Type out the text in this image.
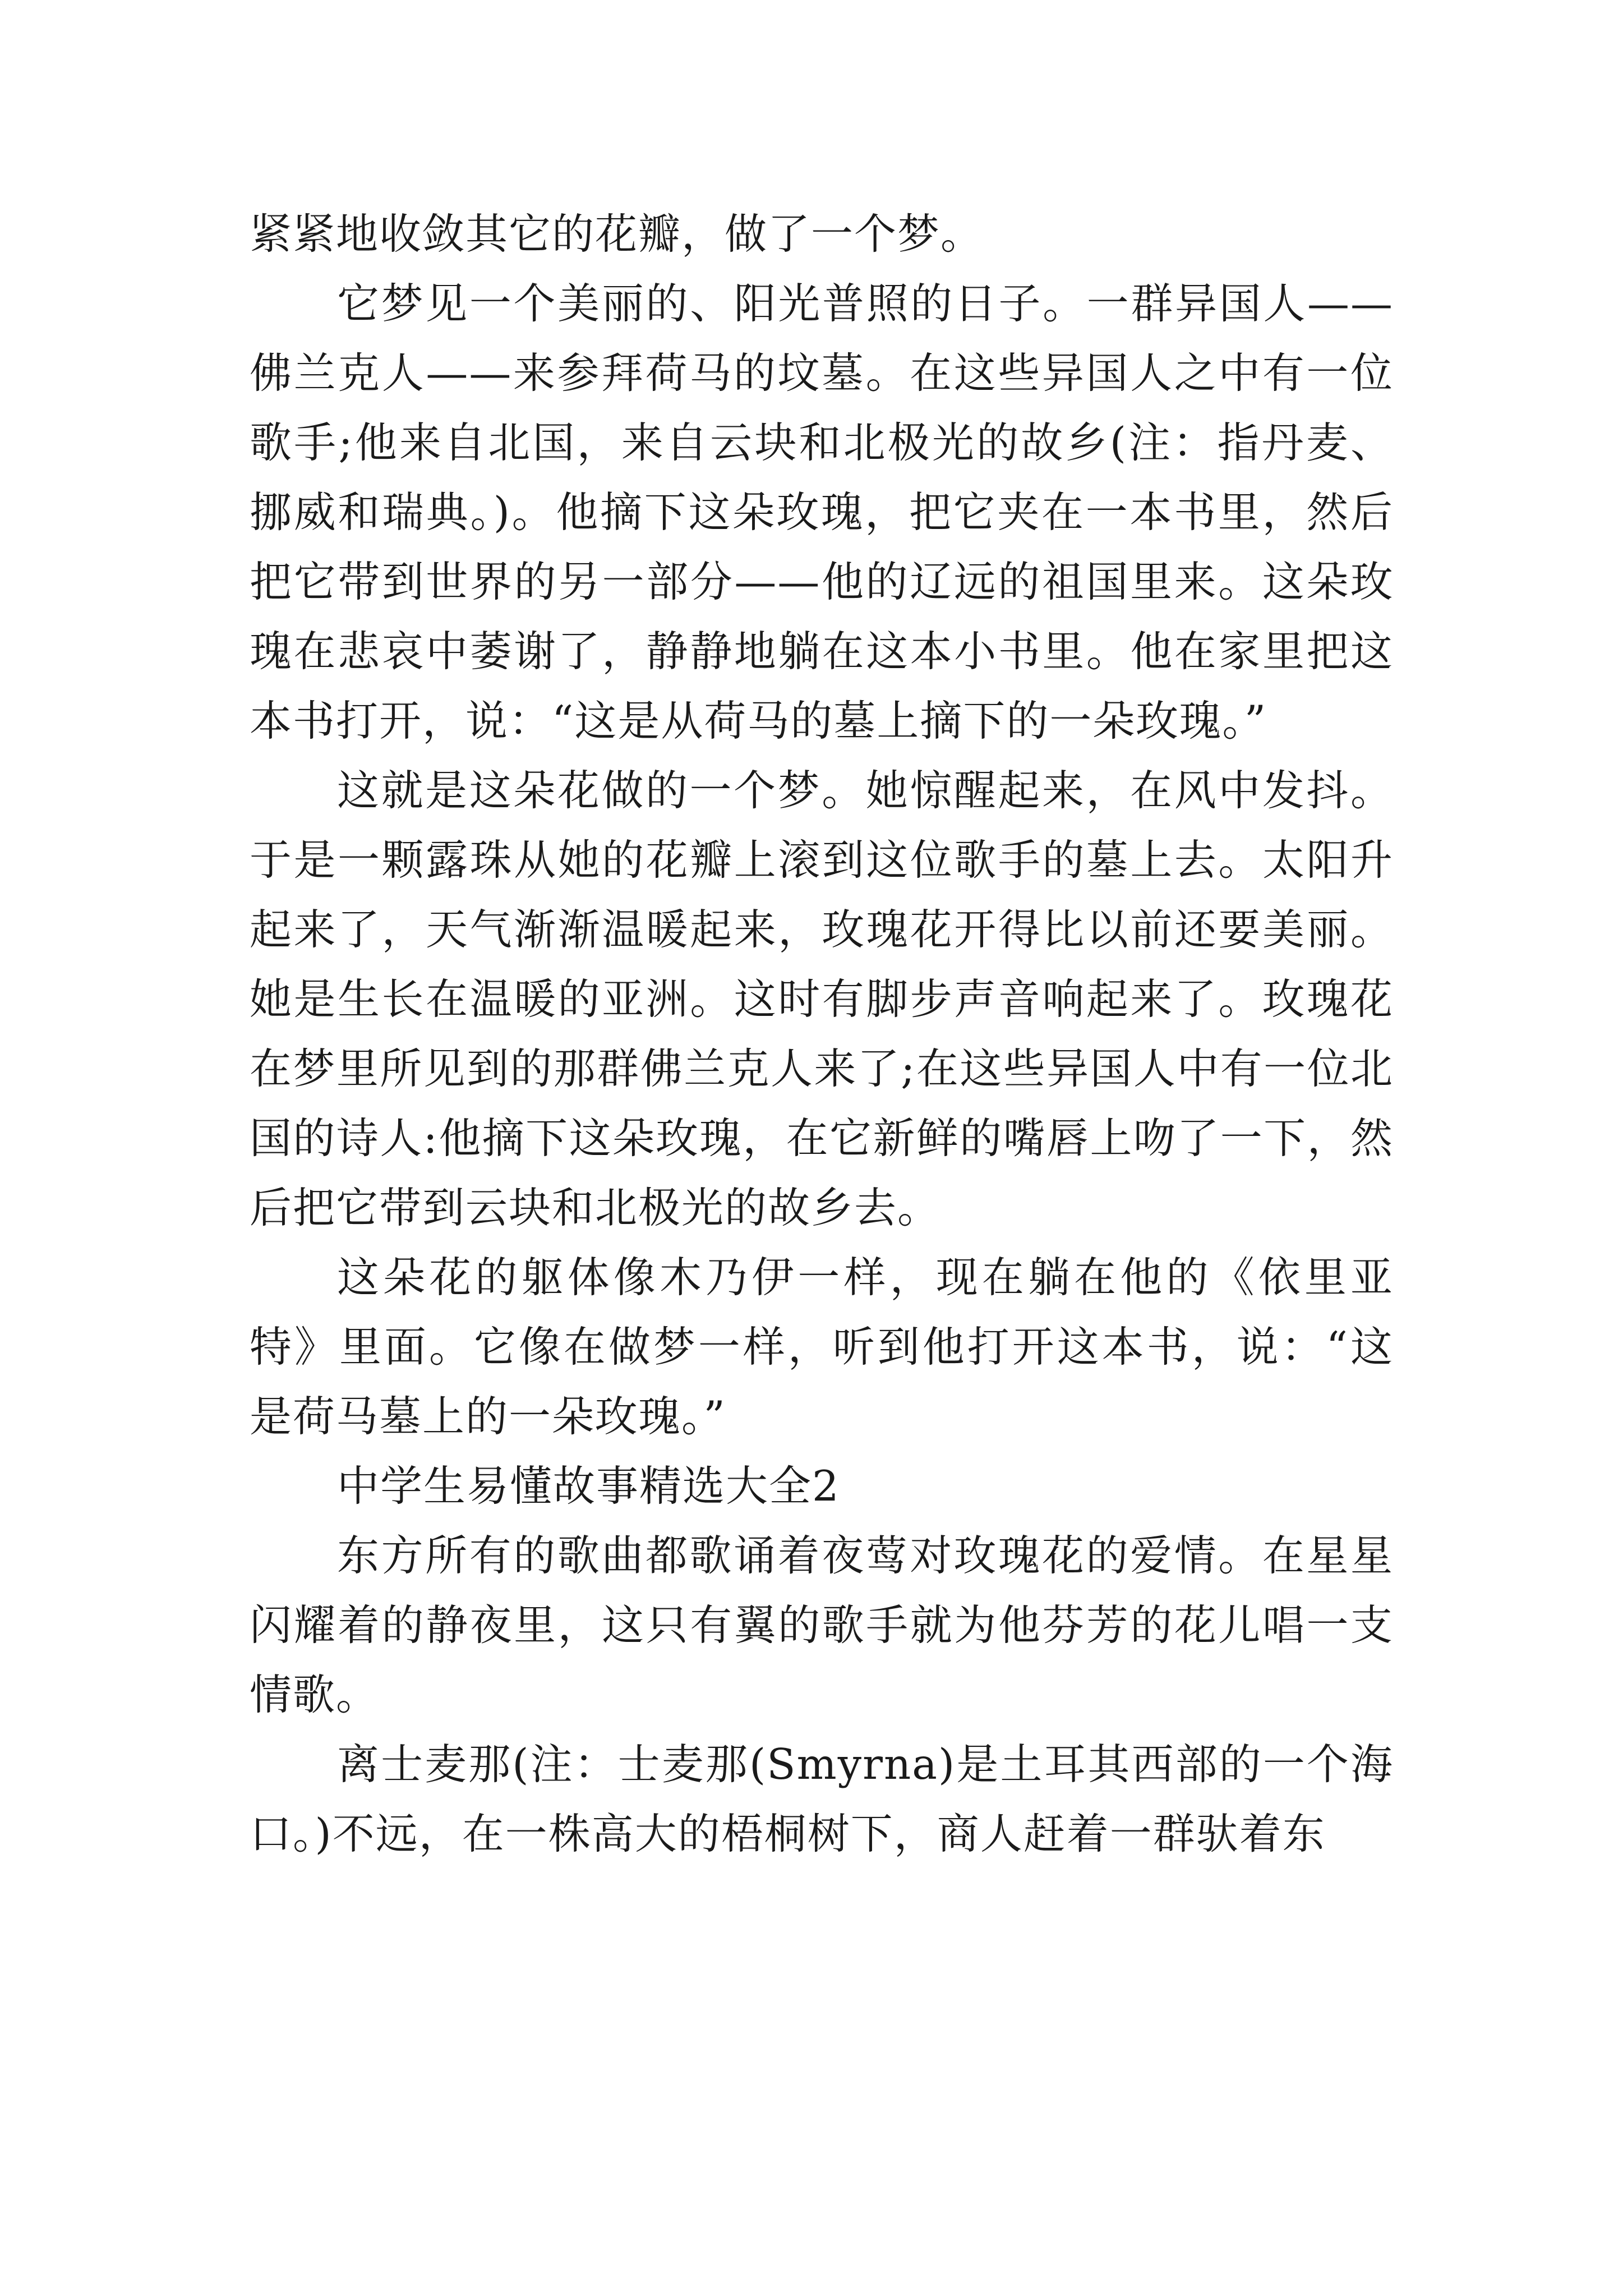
紧紧地收敛其它的花瓣，做了一个梦。

它梦见一个美丽的、阳光普照的日子。一群异国人——佛兰克人——来参拜荷马的坟墓。在这些异国人之中有一位歌手;他来自北国，来自云块和北极光的故乡(注：指丹麦、挪威和瑞典。)。他摘下这朵玫瑰，把它夹在一本书里，然后把它带到世界的另一部分——他的辽远的祖国里来。这朵玫瑰在悲哀中萎谢了，静静地躺在这本小书里。他在家里把这本书打开，说：“这是从荷马的墓上摘下的一朵玫瑰。”

这就是这朵花做的一个梦。她惊醒起来，在风中发抖。于是一颗露珠从她的花瓣上滚到这位歌手的墓上去。太阳升起来了，天气渐渐温暖起来，玫瑰花开得比以前还要美丽。她是生长在温暖的亚洲。这时有脚步声音响起来了。玫瑰花在梦里所见到的那群佛兰克人来了;在这些异国人中有一位北国的诗人:他摘下这朵玫瑰，在它新鲜的嘴唇上吻了一下，然后把它带到云块和北极光的故乡去。

这朵花的躯体像木乃伊一样，现在躺在他的《依里亚特》里面。它像在做梦一样，听到他打开这本书，说：“这是荷马墓上的一朵玫瑰。”

中学生易懂故事精选大全2

东方所有的歌曲都歌诵着夜莺对玫瑰花的爱情。在星星闪耀着的静夜里，这只有翼的歌手就为他芬芳的花儿唱一支情歌。

离士麦那(注：士麦那(Smyrna)是土耳其西部的一个海口。)不远，在一株高大的梧桐树下，商人赶着一群驮着东
